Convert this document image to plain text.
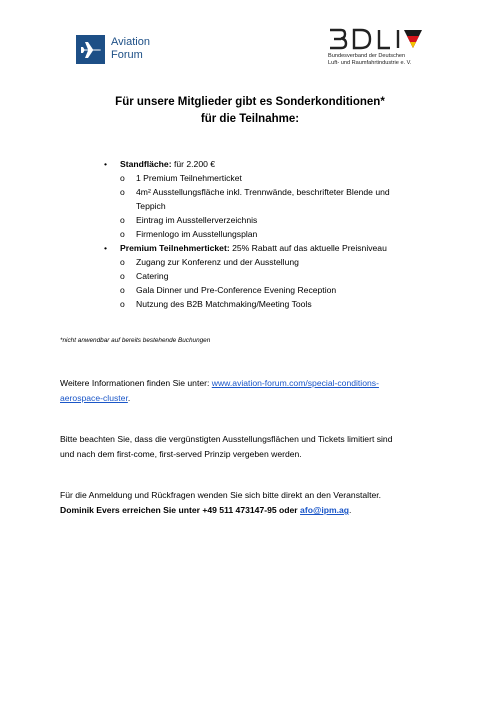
Aviation
Forum	Bundesverband der Deutschen
Luft- und Raumfahrtindustrie e. V.
Für unsere Mitglieder gibt es Sonderkonditionen*
für die Teilnahme:
• Standfläche: für 2.200 €
o 1 Premium Teilnehmerticket
o 4m² Ausstellungsfläche inkl. Trennwände, beschrifteter Blende und
Teppich
o Eintrag im Ausstellerverzeichnis
o Firmenlogo im Ausstellungsplan
• Premium Teilnehmerticket: 25% Rabatt auf das aktuelle Preisniveau
o Zugang zur Konferenz und der Ausstellung
o Catering
o Gala Dinner und Pre-Conference Evening Reception
o Nutzung des B2B Matchmaking/Meeting Tools
*nicht anwendbar auf bereits bestehende Buchungen
Weitere Informationen finden Sie unter: www.aviation-forum.com/special-conditions-
aerospace-cluster.
Bitte beachten Sie, dass die vergünstigten Ausstellungsflächen und Tickets limitiert sind
und nach dem first-come, first-served Prinzip vergeben werden.
Für die Anmeldung und Rückfragen wenden Sie sich bitte direkt an den Veranstalter.
Dominik Evers erreichen Sie unter +49 511 473147-95 oder afo@ipm.ag.
